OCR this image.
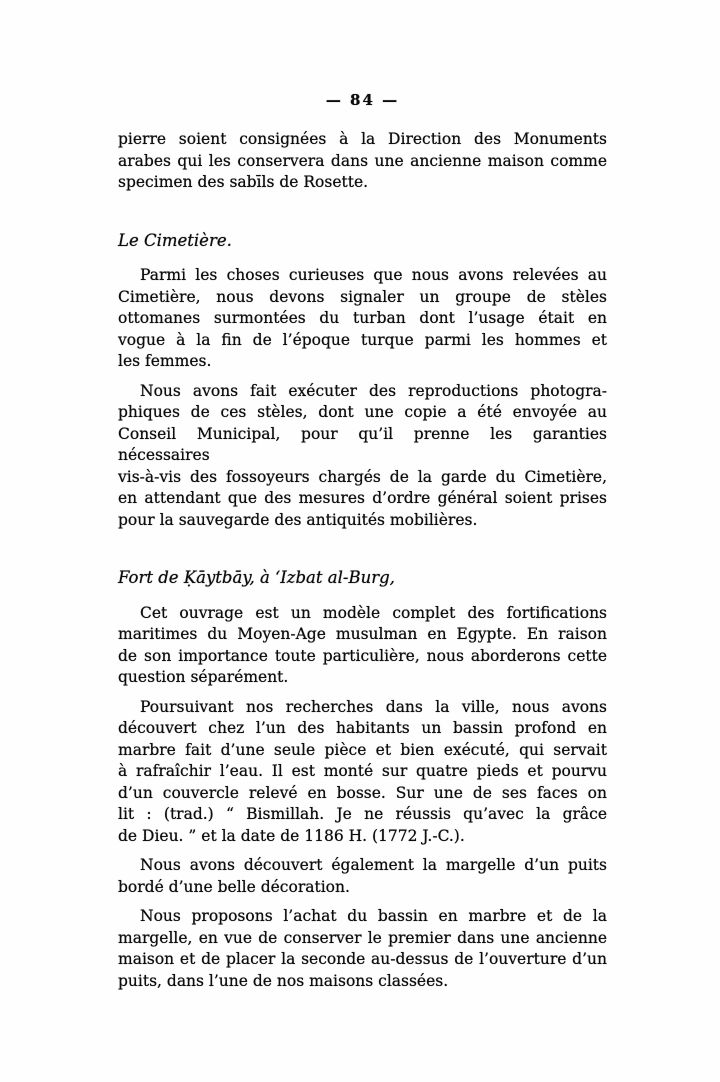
— 84 —
pierre soient consignées à la Direction des Monuments
arabes qui les conservera dans une ancienne maison comme
specimen des sabīls de Rosette.
Le Cimetière.
Parmi les choses curieuses que nous avons relevées au
Cimetière, nous devons signaler un groupe de stèles
ottomanes surmontées du turban dont l’usage était en
vogue à la fin de l’époque turque parmi les hommes et
les femmes.
Nous avons fait exécuter des reproductions photogra-
phiques de ces stèles, dont une copie a été envoyée au
Conseil Municipal, pour qu’il prenne les garanties nécessaires
vis-à-vis des fossoyeurs chargés de la garde du Cimetière,
en attendant que des mesures d’ordre général soient prises
pour la sauvegarde des antiquités mobilières.
Fort de Ḳāytbāy, à ‘Izbat al-Burg,
Cet ouvrage est un modèle complet des fortifications
maritimes du Moyen-Age musulman en Egypte. En raison
de son importance toute particulière, nous aborderons cette
question séparément.
Poursuivant nos recherches dans la ville, nous avons
découvert chez l’un des habitants un bassin profond en
marbre fait d’une seule pièce et bien exécuté, qui servait
à rafraîchir l’eau. Il est monté sur quatre pieds et pourvu
d’un couvercle relevé en bosse. Sur une de ses faces on
lit : (trad.) “ Bismillah. Je ne réussis qu’avec la grâce
de Dieu. ” et la date de 1186 H. (1772 J.-C.).
Nous avons découvert également la margelle d’un puits
bordé d’une belle décoration.
Nous proposons l’achat du bassin en marbre et de la
margelle, en vue de conserver le premier dans une ancienne
maison et de placer la seconde au-dessus de l’ouverture d’un
puits, dans l’une de nos maisons classées.
